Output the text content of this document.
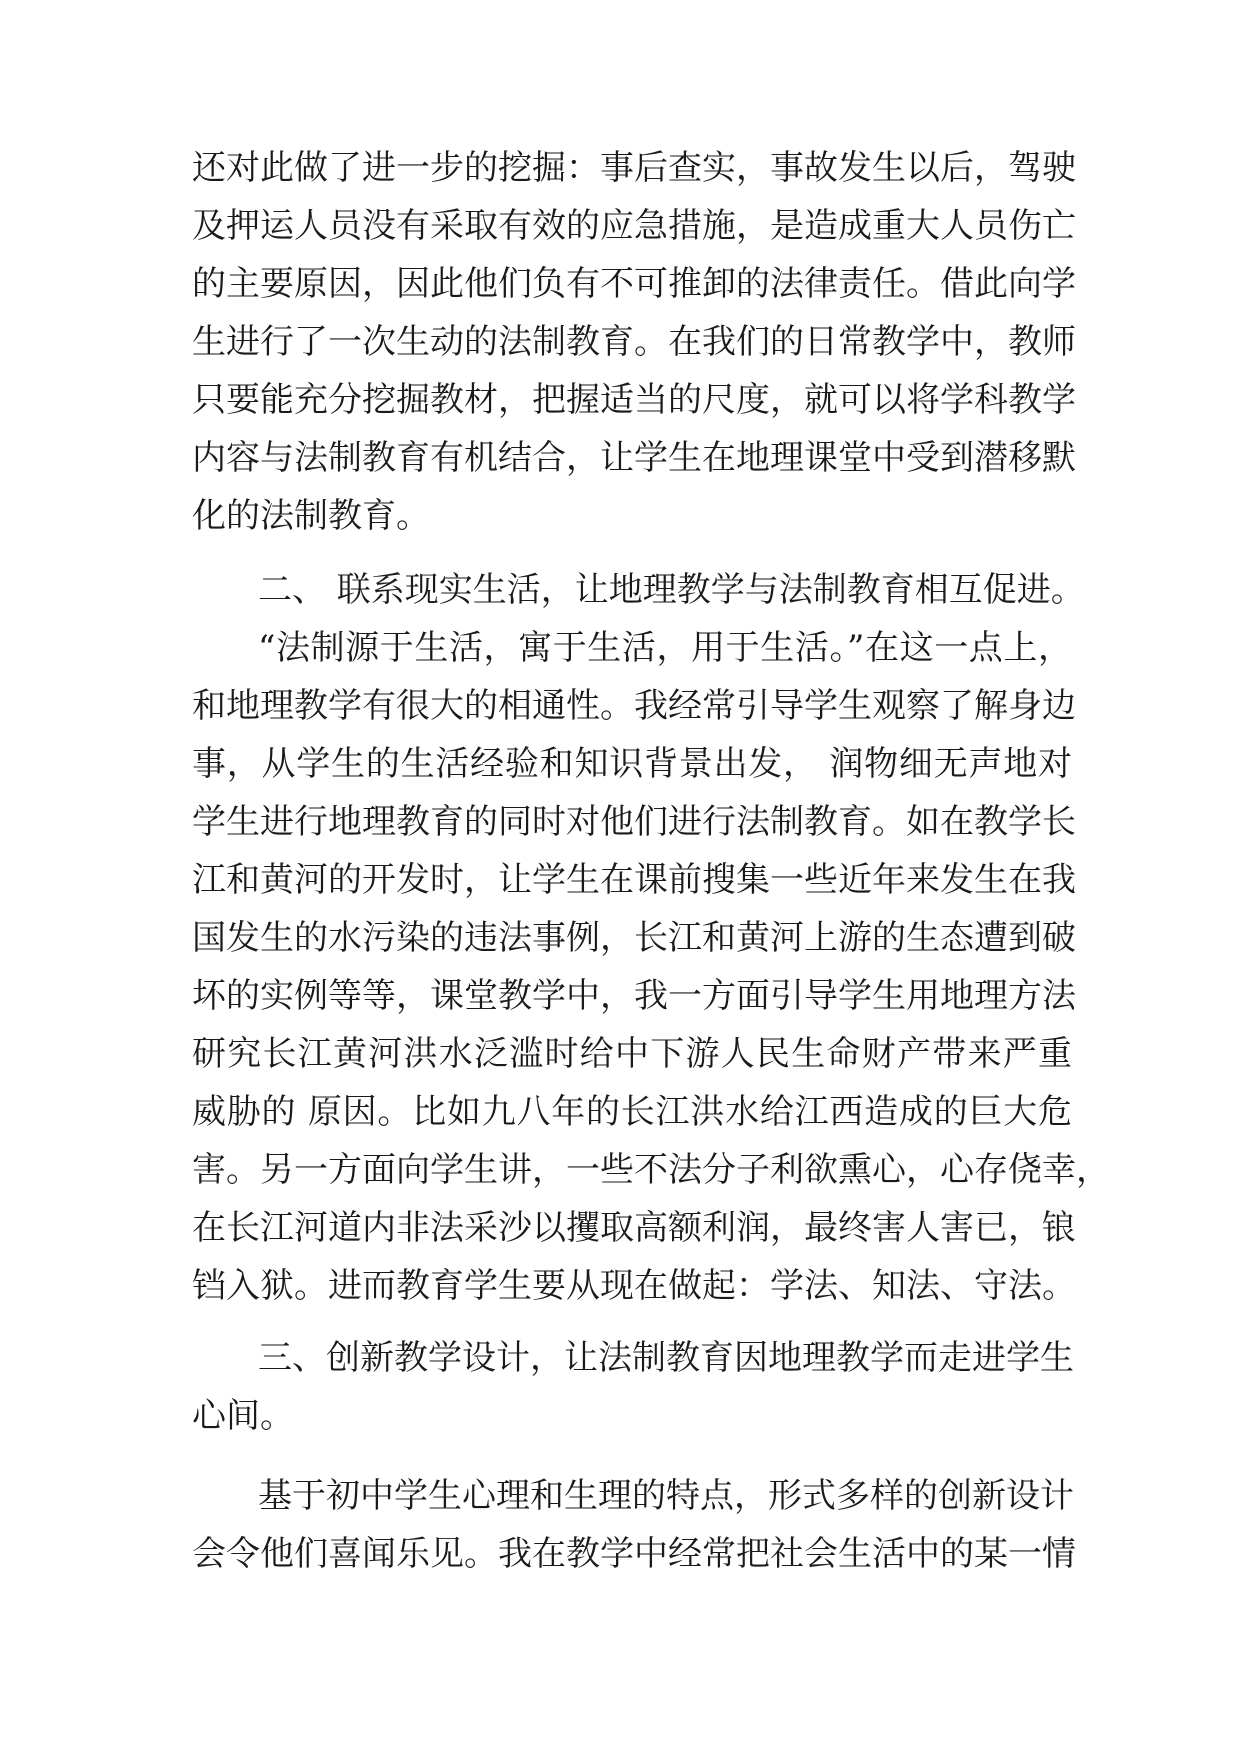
还对此做了进一步的挖掘：事后查实，事故发生以后，驾驶
及押运人员没有采取有效的应急措施，是造成重大人员伤亡
的主要原因，因此他们负有不可推卸的法律责任。借此向学
生进行了一次生动的法制教育。在我们的日常教学中，教师
只要能充分挖掘教材，把握适当的尺度，就可以将学科教学
内容与法制教育有机结合，让学生在地理课堂中受到潜移默
化的法制教育。
二、 联系现实生活，让地理教学与法制教育相互促进。
“法制源于生活，寓于生活，用于生活。”在这一点上，
和地理教学有很大的相通性。我经常引导学生观察了解身边
事，从学生的生活经验和知识背景出发， 润物细无声地对
学生进行地理教育的同时对他们进行法制教育。如在教学长
江和黄河的开发时，让学生在课前搜集一些近年来发生在我
国发生的水污染的违法事例，长江和黄河上游的生态遭到破
坏的实例等等，课堂教学中，我一方面引导学生用地理方法
研究长江黄河洪水泛滥时给中下游人民生命财产带来严重
威胁的 原因。比如九八年的长江洪水给江西造成的巨大危
害。另一方面向学生讲，一些不法分子利欲熏心，心存侥幸，
在长江河道内非法采沙以攫取高额利润，最终害人害已，锒
铛入狱。进而教育学生要从现在做起：学法、知法、守法。
三、创新教学设计，让法制教育因地理教学而走进学生
心间。
基于初中学生心理和生理的特点，形式多样的创新设计
会令他们喜闻乐见。我在教学中经常把社会生活中的某一情
